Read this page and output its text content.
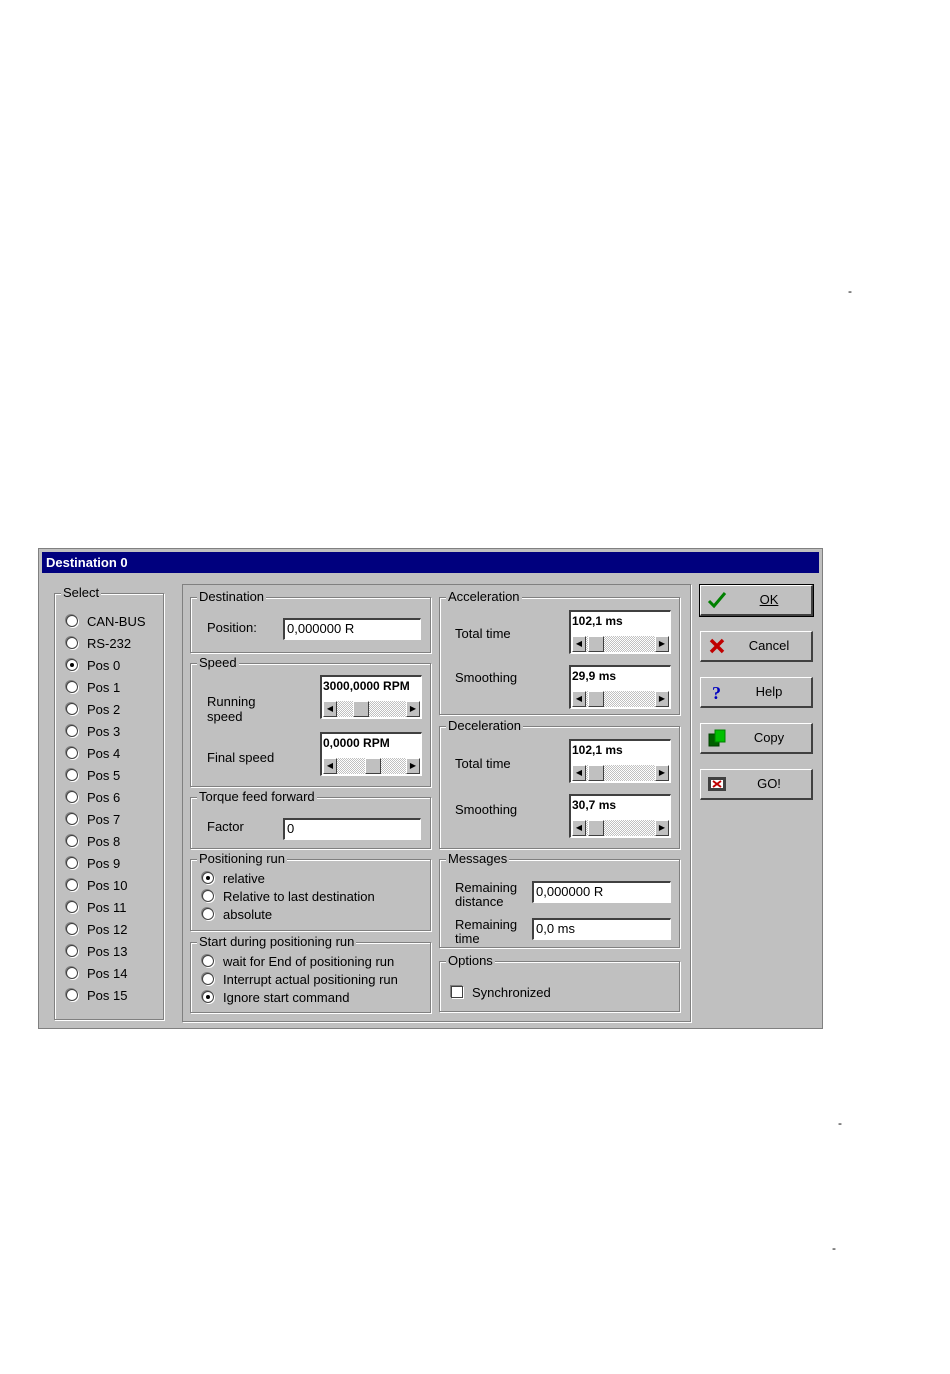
-
-
-
Destination 0
Select
CAN-BUS
RS-232
Pos 0
Pos 1
Pos 2
Pos 3
Pos 4
Pos 5
Pos 6
Pos 7
Pos 8
Pos 9
Pos 10
Pos 11
Pos 12
Pos 13
Pos 14
Pos 15
Destination
Position:	0,000000 R
Speed
Running
speed
3000,0000 RPM
◀	▶
Final speed
0,0000 RPM
◀	▶
Torque feed forward
Factor	0
Positioning run
relative
Relative to last destination
absolute
Start during positioning run
wait for End of positioning run
Interrupt actual positioning run
Ignore start command
Acceleration
Total time
102,1 ms
◀	▶
Smoothing	29,9 ms
◀	▶
Deceleration
Total time
102,1 ms
◀	▶
Smoothing	30,7 ms
◀	▶
Messages
Remaining
distance
0,000000 R
Remaining
time
0,0 ms
Options
Synchronized
OK
Cancel
?	Help
Copy
GO!
